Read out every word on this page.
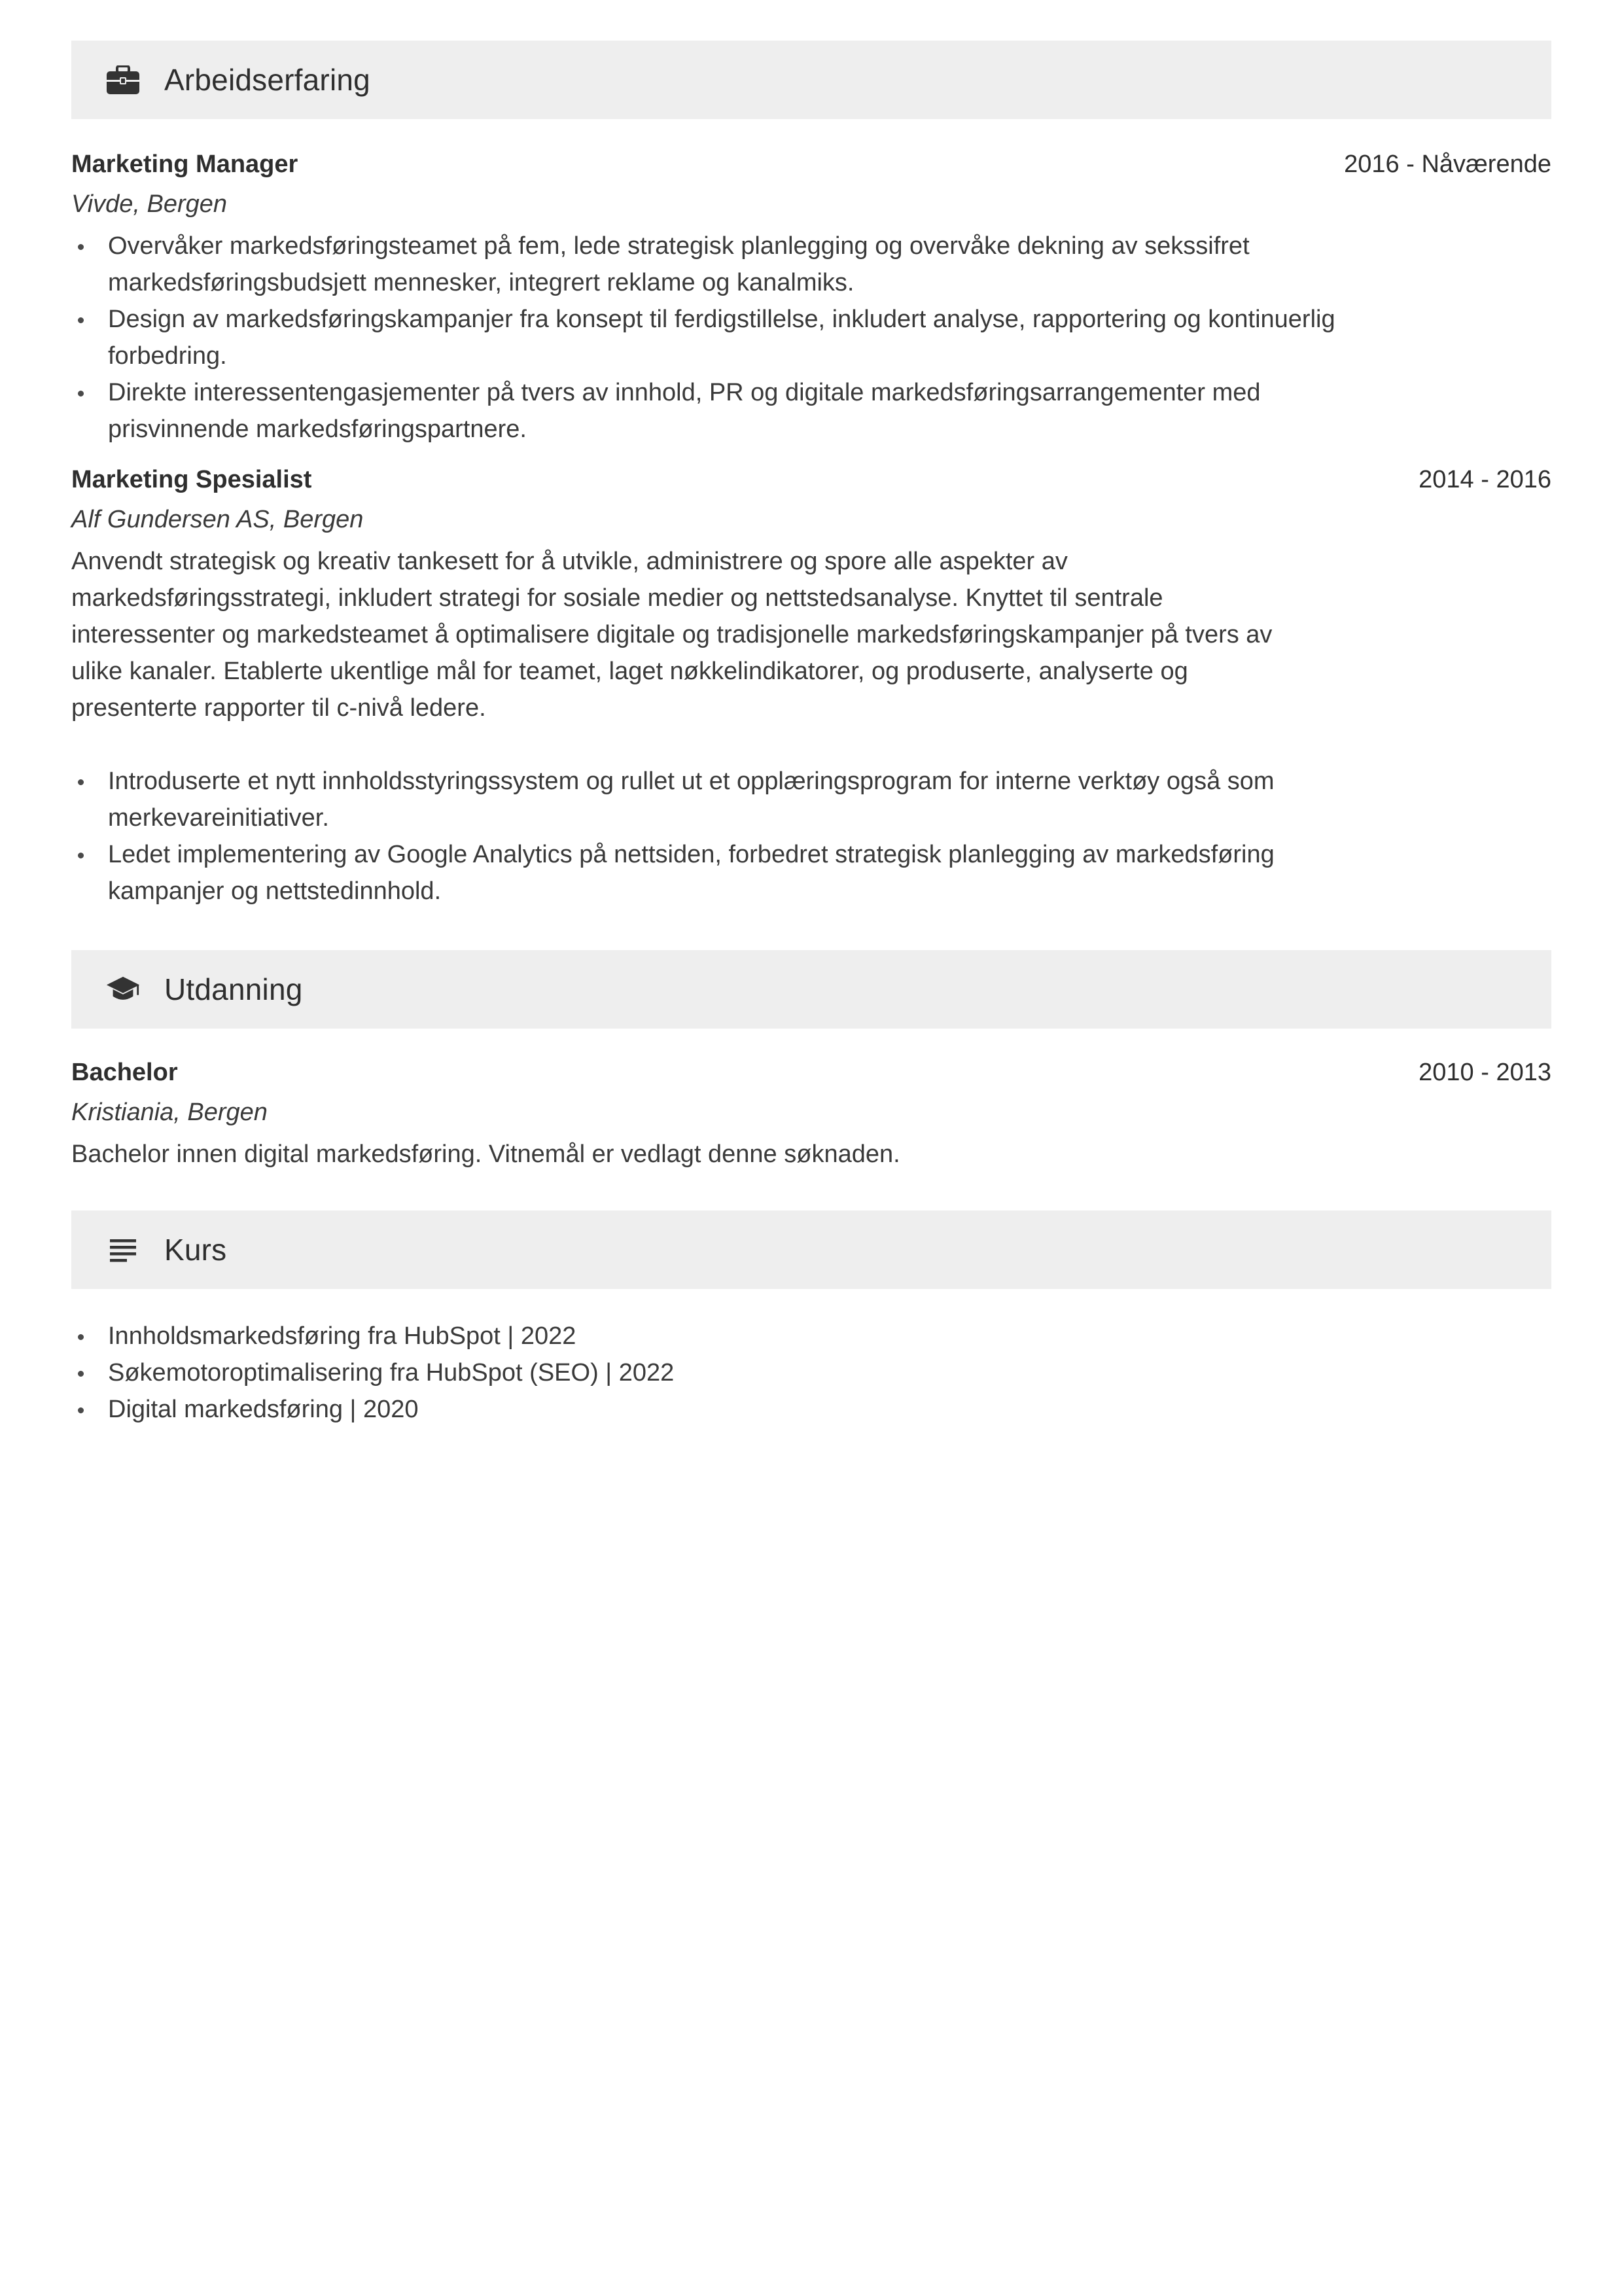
Arbeidserfaring
Marketing Manager	2016 - Nåværende
Vivde, Bergen
Overvåker markedsføringsteamet på fem, lede strategisk planlegging og overvåke dekning av sekssifret markedsføringsbudsjett mennesker, integrert reklame og kanalmiks.
Design av markedsføringskampanjer fra konsept til ferdigstillelse, inkludert analyse, rapportering og kontinuerlig forbedring.
Direkte interessentengasjementer på tvers av innhold, PR og digitale markedsføringsarrangementer med prisvinnende markedsføringspartnere.
Marketing Spesialist	2014 - 2016
Alf Gundersen AS, Bergen
Anvendt strategisk og kreativ tankesett for å utvikle, administrere og spore alle aspekter av markedsføringsstrategi, inkludert strategi for sosiale medier og nettstedsanalyse. Knyttet til sentrale interessenter og markedsteamet å optimalisere digitale og tradisjonelle markedsføringskampanjer på tvers av ulike kanaler. Etablerte ukentlige mål for teamet, laget nøkkelindikatorer, og produserte, analyserte og presenterte rapporter til c-nivå ledere.
Introduserte et nytt innholdsstyringssystem og rullet ut et opplæringsprogram for interne verktøy også som merkevareinitiativer.
Ledet implementering av Google Analytics på nettsiden, forbedret strategisk planlegging av markedsføring kampanjer og nettstedinnhold.
Utdanning
Bachelor	2010 - 2013
Kristiania, Bergen
Bachelor innen digital markedsføring. Vitnemål er vedlagt denne søknaden.
Kurs
Innholdsmarkedsføring fra HubSpot | 2022
Søkemotoroptimalisering fra HubSpot (SEO) | 2022
Digital markedsføring | 2020
